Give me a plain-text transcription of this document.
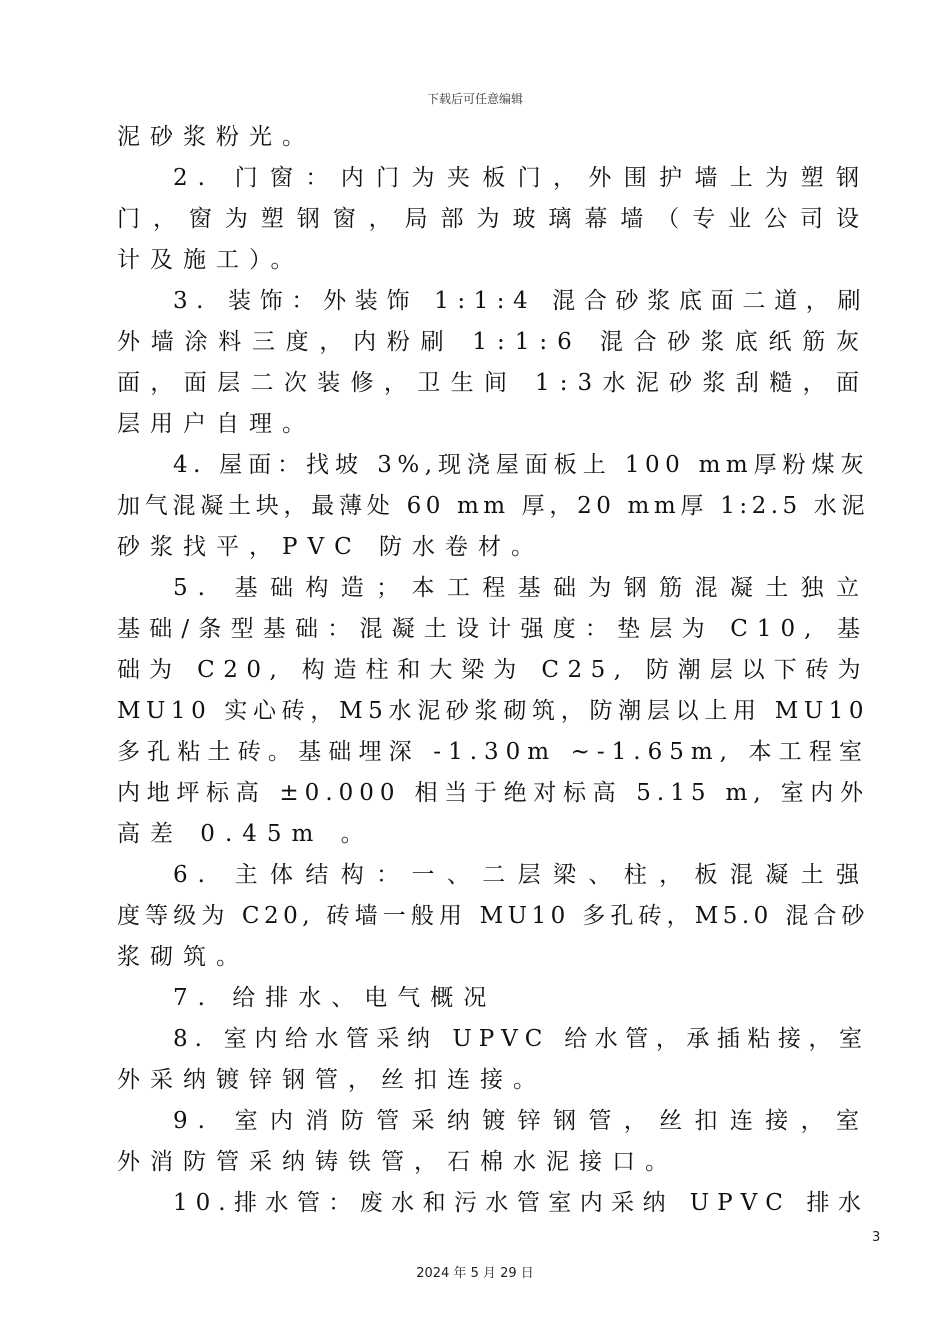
下载后可任意编辑
泥砂浆粉光。
2. 门窗：内门为夹板门，外围护墙上为塑钢
门，窗为塑钢窗，局部为玻璃幕墙（专业公司设
计及施工）。
3. 装饰：外装饰 1:1:4 混合砂浆底面二道，刷
外墙涂料三度，内粉刷 1:1:6 混合砂浆底纸筋灰
面，面层二次装修，卫生间 1:3水泥砂浆刮糙，面
层用户自理。
4. 屋面：找坡 3%,现浇屋面板上 100 mm厚粉煤灰
加气混凝土块，最薄处 60 mm 厚，20 mm厚 1:2.5 水泥
砂浆找平，PVC 防水卷材。
5. 基础构造；本工程基础为钢筋混凝土独立
基础/条型基础：混凝土设计强度：垫层为 C10, 基
础为 C20, 构造柱和大梁为 C25, 防潮层以下砖为
MU10 实心砖，M5水泥砂浆砌筑，防潮层以上用 MU10
多孔粘土砖。基础埋深 -1.30m ~-1.65m, 本工程室
内地坪标高 ±0.000 相当于绝对标高 5.15 m, 室内外
高差 0.45m 。
6. 主体结构：一、二层梁、柱，板混凝土强
度等级为 C20, 砖墙一般用 MU10 多孔砖，M5.0 混合砂
浆砌筑。
7. 给排水、电气概况
8. 室内给水管采纳 UPVC 给水管，承插粘接，室
外采纳镀锌钢管，丝扣连接。
9. 室内消防管采纳镀锌钢管，丝扣连接，室
外消防管采纳铸铁管，石棉水泥接口。
10.排水管：废水和污水管室内采纳 UPVC 排水
3
2024 年 5 月 29 日
